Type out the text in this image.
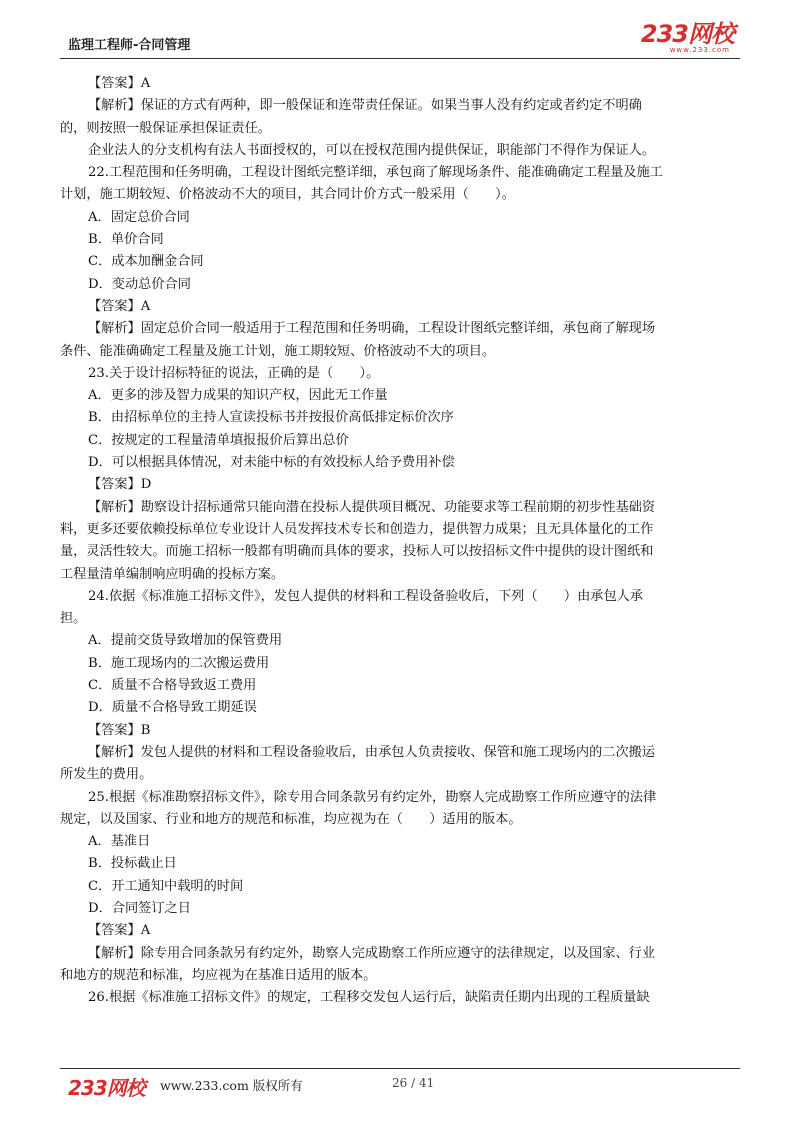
监理工程师-合同管理	233网校
www.233.com

【答案】A

【解析】保证的方式有两种，即一般保证和连带责任保证。如果当事人没有约定或者约定不明确

的，则按照一般保证承担保证责任。

企业法人的分支机构有法人书面授权的，可以在授权范围内提供保证，职能部门不得作为保证人。

22.工程范围和任务明确，工程设计图纸完整详细，承包商了解现场条件、能准确确定工程量及施工

计划，施工期较短、价格波动不大的项目，其合同计价方式一般采用（　　）。

A．固定总价合同

B．单价合同

C．成本加酬金合同

D．变动总价合同

【答案】A

【解析】固定总价合同一般适用于工程范围和任务明确，工程设计图纸完整详细，承包商了解现场

条件、能准确确定工程量及施工计划，施工期较短、价格波动不大的项目。

23.关于设计招标特征的说法，正确的是（　　）。

A．更多的涉及智力成果的知识产权，因此无工作量

B．由招标单位的主持人宣读投标书并按报价高低排定标价次序

C．按规定的工程量清单填报报价后算出总价

D．可以根据具体情况，对未能中标的有效投标人给予费用补偿

【答案】D

【解析】勘察设计招标通常只能向潜在投标人提供项目概况、功能要求等工程前期的初步性基础资

料，更多还要依赖投标单位专业设计人员发挥技术专长和创造力，提供智力成果；且无具体量化的工作

量，灵活性较大。而施工招标一般都有明确而具体的要求，投标人可以按招标文件中提供的设计图纸和

工程量清单编制响应明确的投标方案。

24.依据《标准施工招标文件》，发包人提供的材料和工程设备验收后，下列（　　）由承包人承

担。

A．提前交货导致增加的保管费用

B．施工现场内的二次搬运费用

C．质量不合格导致返工费用

D．质量不合格导致工期延误

【答案】B

【解析】发包人提供的材料和工程设备验收后，由承包人负责接收、保管和施工现场内的二次搬运

所发生的费用。

25.根据《标准勘察招标文件》，除专用合同条款另有约定外，勘察人完成勘察工作所应遵守的法律

规定，以及国家、行业和地方的规范和标准，均应视为在（　　）适用的版本。

A．基准日

B．投标截止日

C．开工通知中载明的时间

D．合同签订之日

【答案】A

【解析】除专用合同条款另有约定外，勘察人完成勘察工作所应遵守的法律规定，以及国家、行业

和地方的规范和标准，均应视为在基准日适用的版本。

26.根据《标准施工招标文件》的规定，工程移交发包人运行后，缺陷责任期内出现的工程质量缺

233网校 www.233.com 版权所有	26 / 41
